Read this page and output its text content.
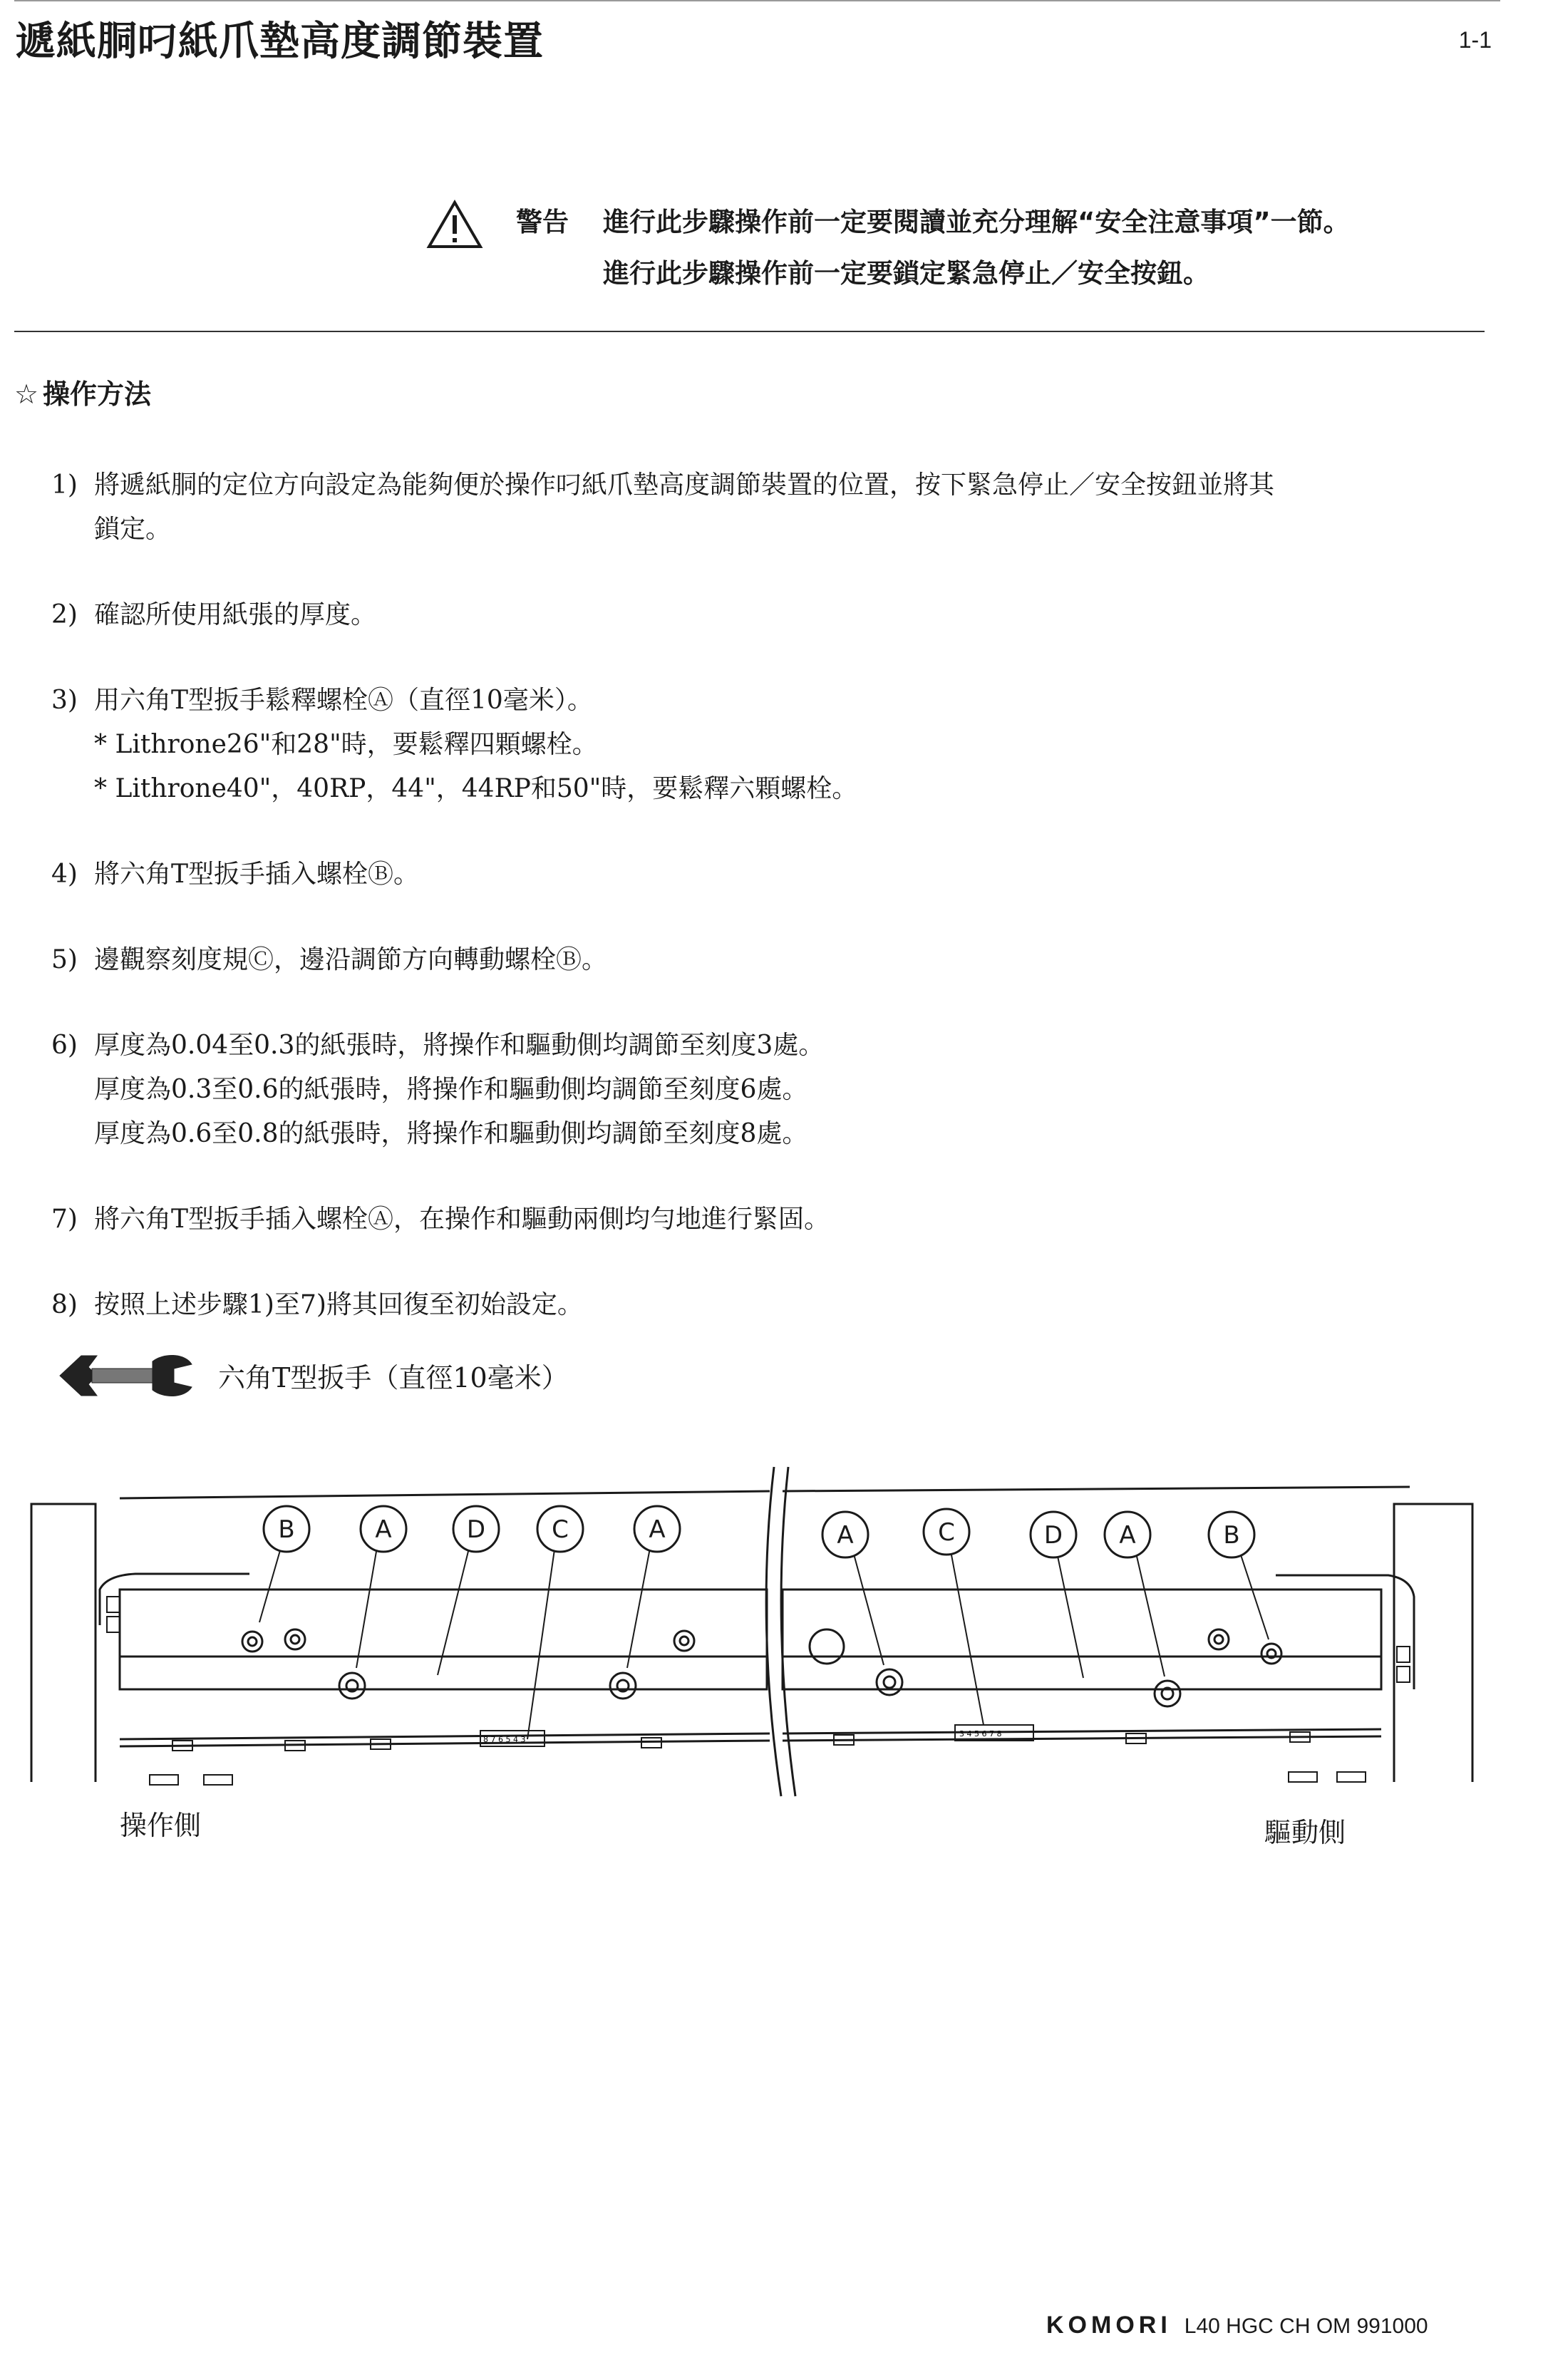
遞紙胴叼紙爪墊高度調節裝置	1-1
警告 進行此步驟操作前一定要閱讀並充分理解“安全注意事項”一節。
進行此步驟操作前一定要鎖定緊急停止／安全按鈕。
☆ 操作方法
1) 將遞紙胴的定位方向設定為能夠便於操作叼紙爪墊高度調節裝置的位置，按下緊急停止／安全按鈕並將其
鎖定。
2) 確認所使用紙張的厚度。
3) 用六角T型扳手鬆釋螺栓Ⓐ（直徑10毫米）。
* Lithrone26"和28"時，要鬆釋四顆螺栓。
* Lithrone40"，40RP，44"，44RP和50"時，要鬆釋六顆螺栓。
4) 將六角T型扳手插入螺栓Ⓑ。
5) 邊觀察刻度規Ⓒ，邊沿調節方向轉動螺栓Ⓑ。
6) 厚度為0.04至0.3的紙張時，將操作和驅動側均調節至刻度3處。
厚度為0.3至0.6的紙張時，將操作和驅動側均調節至刻度6處。
厚度為0.6至0.8的紙張時，將操作和驅動側均調節至刻度8處。
7) 將六角T型扳手插入螺栓Ⓐ，在操作和驅動兩側均勻地進行緊固。
8) 按照上述步驟1)至7)將其回復至初始設定。
六角T型扳手（直徑10毫米）
8 7 6 5 4 3
3 4 5 6 7 8
B	A	D	C	A	A	C	D A	B
操作側	驅動側
KOMORI L40 HGC CH OM 991000
